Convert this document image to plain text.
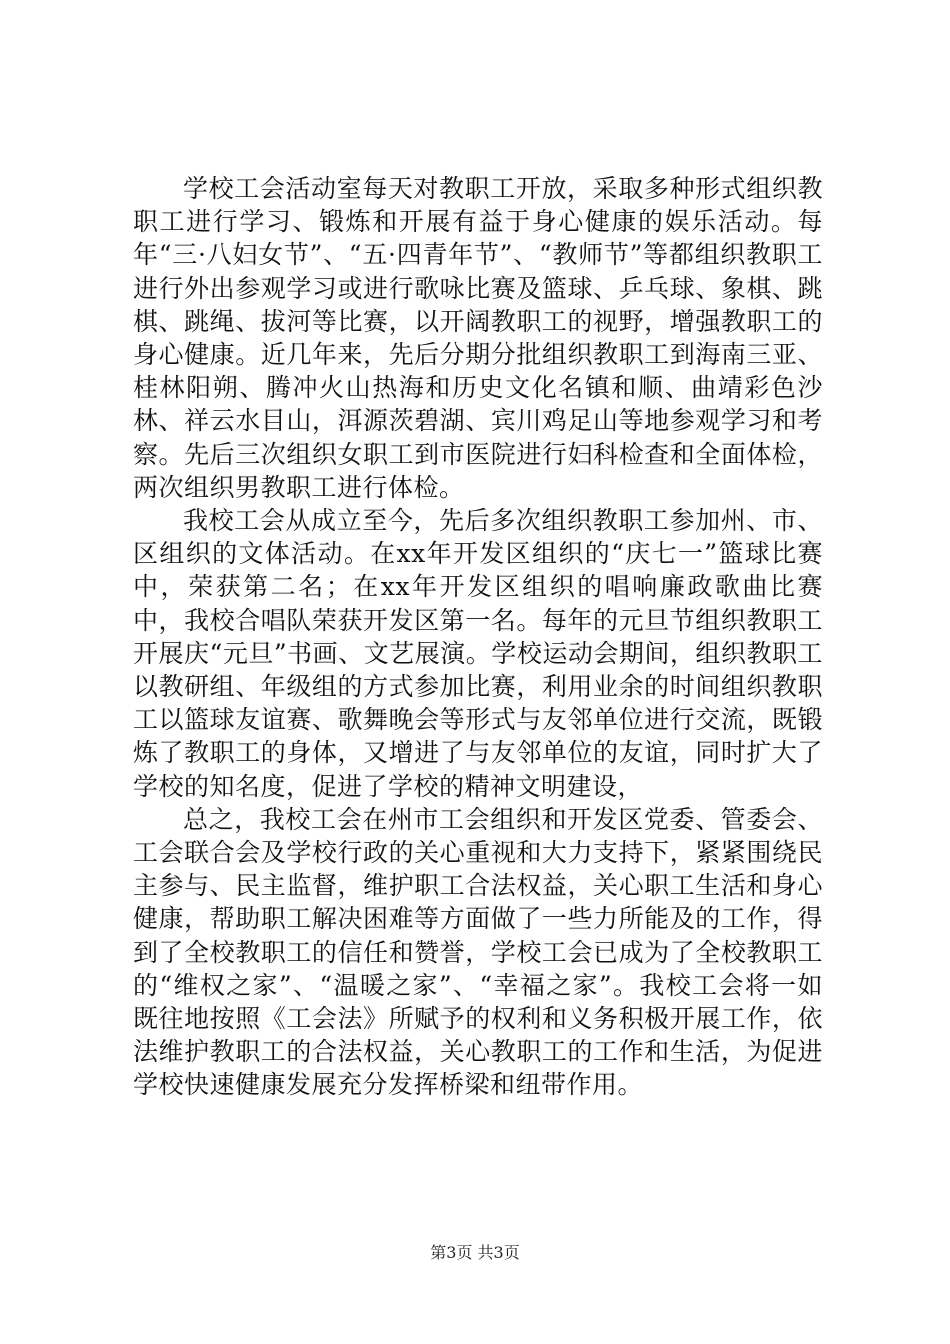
学校工会活动室每天对教职工开放，采取多种形式组织教职工进行学习、锻炼和开展有益于身心健康的娱乐活动。每年“三·八妇女节”、“五·四青年节”、“教师节”等都组织教职工进行外出参观学习或进行歌咏比赛及篮球、乒乓球、象棋、跳棋、跳绳、拔河等比赛，以开阔教职工的视野，增强教职工的身心健康。近几年来，先后分期分批组织教职工到海南三亚、桂林阳朔、腾冲火山热海和历史文化名镇和顺、曲靖彩色沙林、祥云水目山，洱源茨碧湖、宾川鸡足山等地参观学习和考察。先后三次组织女职工到市医院进行妇科检查和全面体检，两次组织男教职工进行体检。

我校工会从成立至今，先后多次组织教职工参加州、市、区组织的文体活动。在xx年开发区组织的“庆七一”篮球比赛中，荣获第二名；在xx年开发区组织的唱响廉政歌曲比赛中，我校合唱队荣获开发区第一名。每年的元旦节组织教职工开展庆“元旦”书画、文艺展演。学校运动会期间，组织教职工以教研组、年级组的方式参加比赛，利用业余的时间组织教职工以篮球友谊赛、歌舞晚会等形式与友邻单位进行交流，既锻炼了教职工的身体，又增进了与友邻单位的友谊，同时扩大了学校的知名度，促进了学校的精神文明建设，

总之，我校工会在州市工会组织和开发区党委、管委会、工会联合会及学校行政的关心重视和大力支持下，紧紧围绕民主参与、民主监督，维护职工合法权益，关心职工生活和身心健康，帮助职工解决困难等方面做了一些力所能及的工作，得到了全校教职工的信任和赞誉，学校工会已成为了全校教职工的“维权之家”、“温暖之家”、“幸福之家”。我校工会将一如既往地按照《工会法》所赋予的权利和义务积极开展工作，依法维护教职工的合法权益，关心教职工的工作和生活，为促进学校快速健康发展充分发挥桥梁和纽带作用。

第3页 共3页
